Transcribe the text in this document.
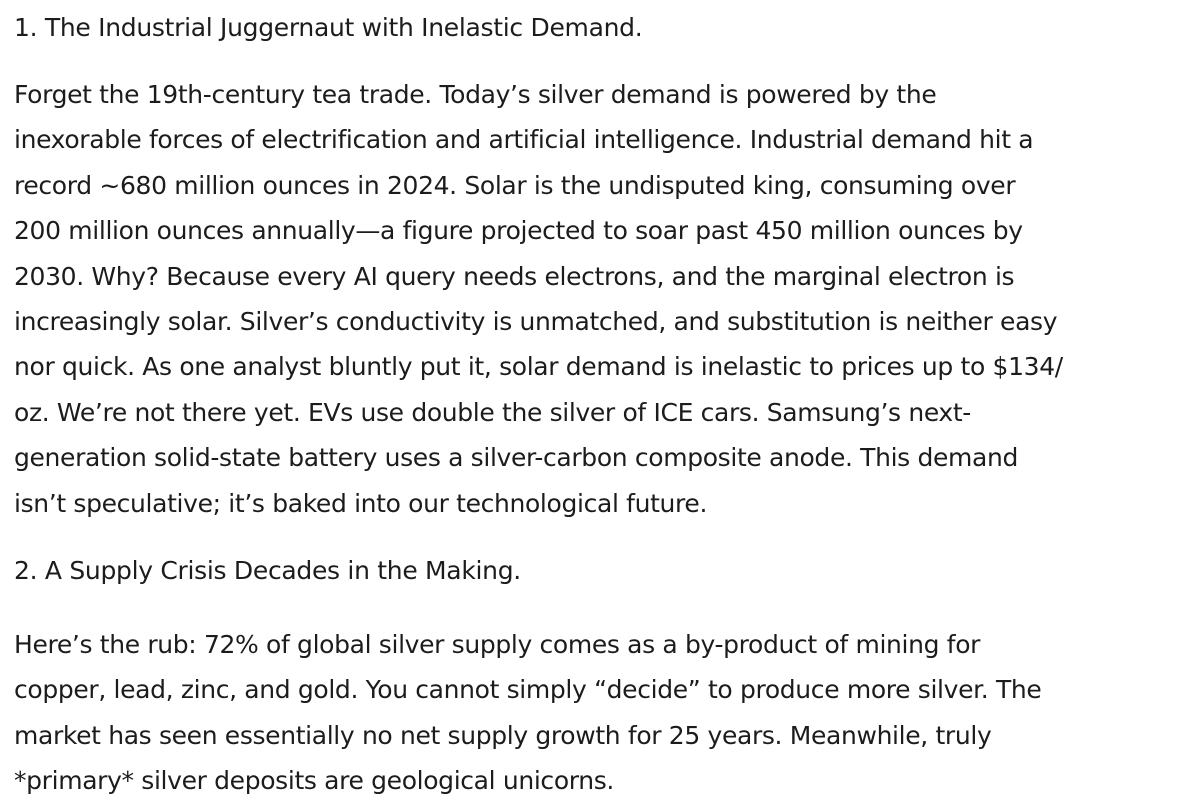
1. The Industrial Juggernaut with Inelastic Demand.

Forget the 19th-century tea trade. Today’s silver demand is powered by the
inexorable forces of electrification and artificial intelligence. Industrial demand hit a
record ~680 million ounces in 2024. Solar is the undisputed king, consuming over
200 million ounces annually—a figure projected to soar past 450 million ounces by
2030. Why? Because every AI query needs electrons, and the marginal electron is
increasingly solar. Silver’s conductivity is unmatched, and substitution is neither easy
nor quick. As one analyst bluntly put it, solar demand is inelastic to prices up to $134/
oz. We’re not there yet. EVs use double the silver of ICE cars. Samsung’s next-
generation solid-state battery uses a silver-carbon composite anode. This demand
isn’t speculative; it’s baked into our technological future.

2. A Supply Crisis Decades in the Making.

Here’s the rub: 72% of global silver supply comes as a by-product of mining for
copper, lead, zinc, and gold. You cannot simply “decide” to produce more silver. The
market has seen essentially no net supply growth for 25 years. Meanwhile, truly
*primary* silver deposits are geological unicorns.
